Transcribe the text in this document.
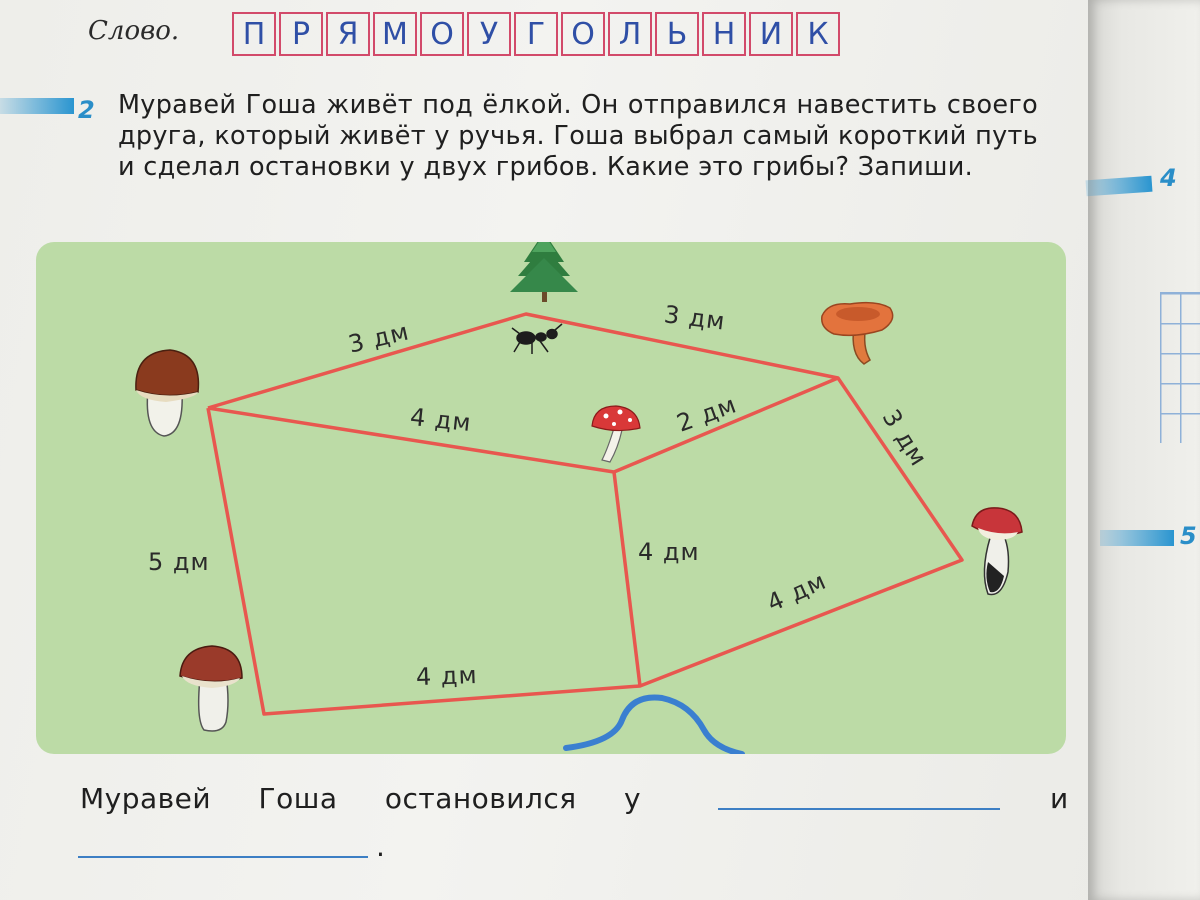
Слово.	П Р Я М О У Г О Л Ь Н И К
2 Муравей Гоша живёт под ёлкой. Он отправился навестить своего друга, который живёт у ручья. Гоша выбрал самый короткий путь и сделал остановки у двух грибов. Какие это грибы? Запиши.
3 дм	3 дм
4 дм	2 дм	3 дм
5 дм	4 дм
4 дм
4 дм
Муравей Гоша остановился у	и
.
4
5
